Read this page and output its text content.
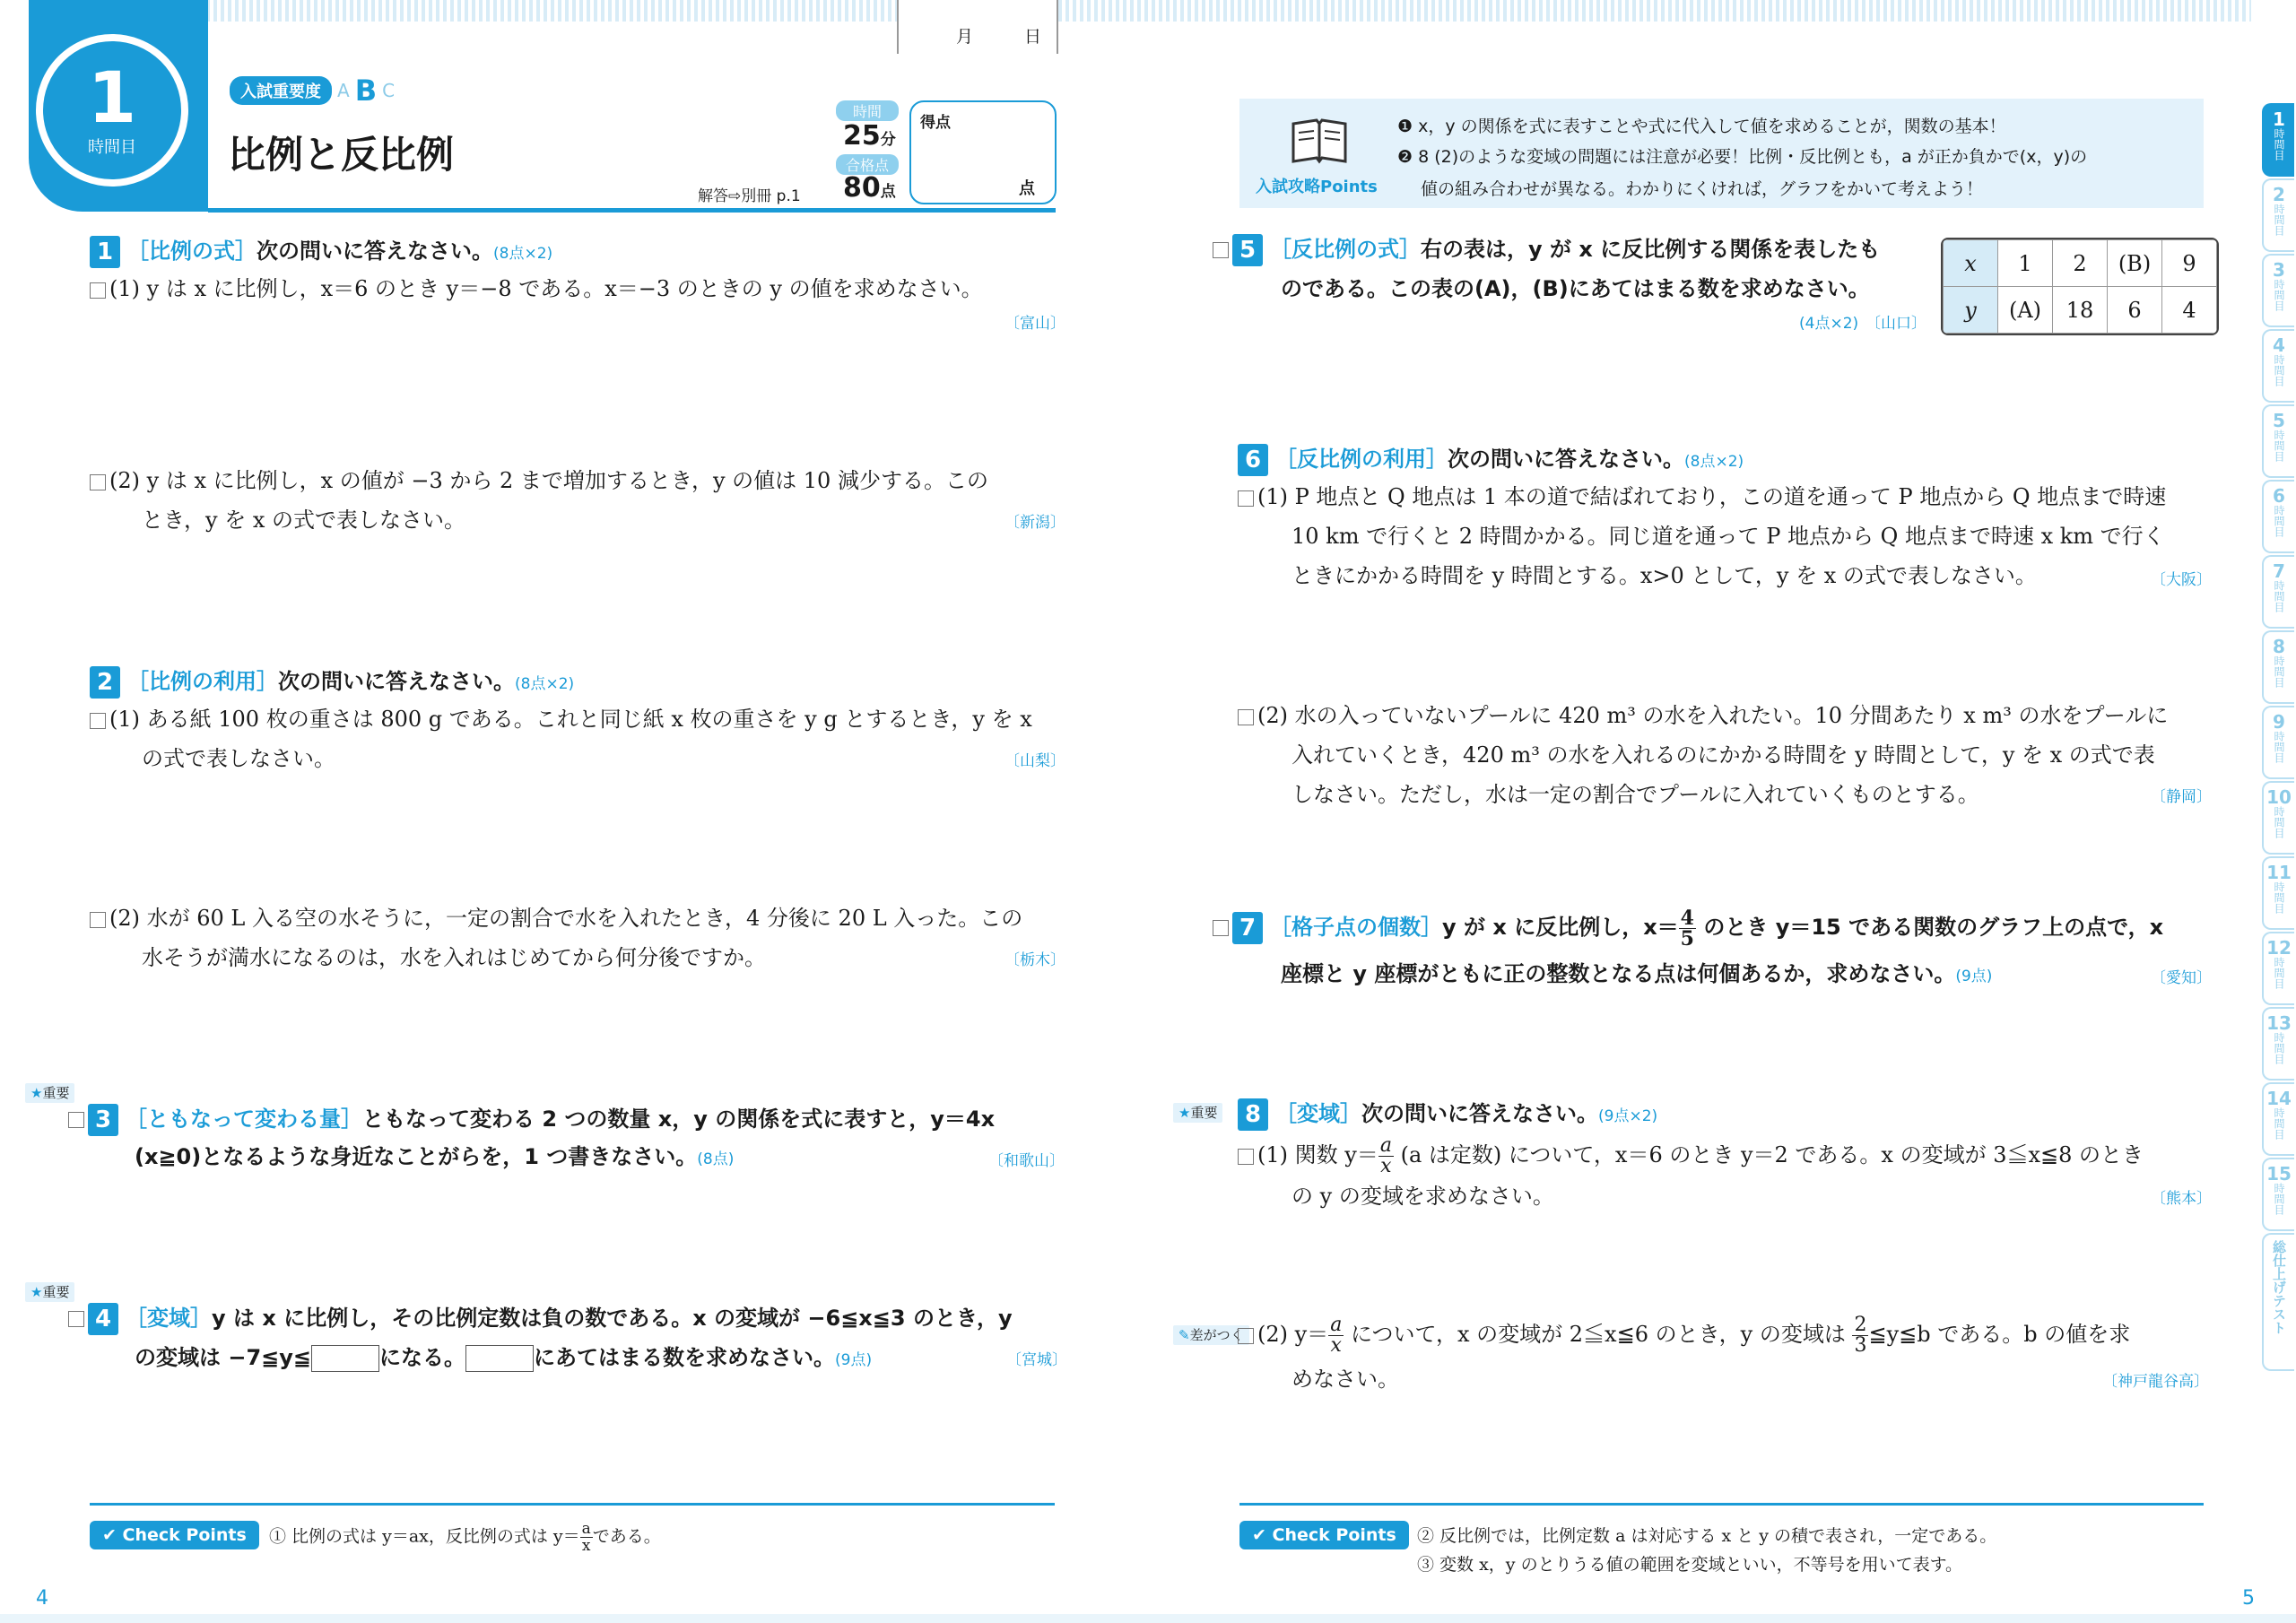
1
時間目
入試重要度 A B C
比例と反比例
月	日
時間
25分
合格点
80点
解答⇨別冊 p.1
得点
点	入試攻略Points
❶ x，y の関係を式に表すことや式に代入して値を求めることが，関数の基本！
❷ 8 (2)のような変域の問題には注意が必要！比例・反比例とも，a が正か負かで(x，y)の
値の組み合わせが異なる。わかりにくければ，グラフをかいて考えよう！
1 ［比例の式］次の問いに答えなさい。(8点×2)
(1) y は x に比例し，x＝6 のとき y＝−8 である。x＝−3 のときの y の値を求めなさい。
〔富山〕
(2) y は x に比例し，x の値が −3 から 2 まで増加するとき，y の値は 10 減少する。この
とき，y を x の式で表しなさい。	〔新潟〕
2 ［比例の利用］次の問いに答えなさい。(8点×2)
(1) ある紙 100 枚の重さは 800 g である。これと同じ紙 x 枚の重さを y g とするとき，y を x
の式で表しなさい。	〔山梨〕
(2) 水が 60 L 入る空の水そうに，一定の割合で水を入れたとき，4 分後に 20 L 入った。この
水そうが満水になるのは，水を入れはじめてから何分後ですか。	〔栃木〕
★重要
3 ［ともなって変わる量］ともなって変わる 2 つの数量 x，y の関係を式に表すと，y＝4x
(x≧0)となるような身近なことがらを，1 つ書きなさい。(8点)	〔和歌山〕
★重要
4 ［変域］y は x に比例し，その比例定数は負の数である。x の変域が −6≦x≦3 のとき，y
の変域は −7≦y≦	になる。	にあてはまる数を求めなさい。(9点)	〔宮城〕
✔ Check Points	① 比例の式は y＝ax，反比例の式は $y= \frac{a}{x}$ である。
5 ［反比例の式］右の表は，y が x に反比例する関係を表したも
のである。この表の(A)，(B)にあてはまる数を求めなさい。
(4点×2) 〔山口〕
x	1	2	(B)	9
y	(A)	18	6	4
6 ［反比例の利用］次の問いに答えなさい。(8点×2)
(1) P 地点と Q 地点は 1 本の道で結ばれており，この道を通って P 地点から Q 地点まで時速
10 km で行くと 2 時間かかる。同じ道を通って P 地点から Q 地点まで時速 x km で行く
ときにかかる時間を y 時間とする。x>0 として，y を x の式で表しなさい。	〔大阪〕
(2) 水の入っていないプールに 420 m³ の水を入れたい。10 分間あたり x m³ の水をプールに
入れていくとき，420 m³ の水を入れるのにかかる時間を y 時間として，y を x の式で表
しなさい。ただし，水は一定の割合でプールに入れていくものとする。	〔静岡〕
7 ［格子点の個数］y が x に反比例し，$x= \frac{4}{5}$ のとき y＝15 である関数のグラフ上の点で，x
座標と y 座標がともに正の整数となる点は何個あるか，求めなさい。(9点)	〔愛知〕
★重要	8 ［変域］次の問いに答えなさい。(9点×2)
(1) 関数 $y= \frac{a}{x} (a$ は定数) について，x＝6 のとき y＝2 である。x の変域が 3≦x≦8 のとき
の y の変域を求めなさい。	〔熊本〕
✎差がつく (2) $y= \frac{a}{x}$ について，x の変域が 2≦x≦6 のとき，y の変域は $\frac{2}{3}$ ≦y≦b である。b の値を求
めなさい。	〔神戸龍谷高〕
✔ Check Points	② 反比例では，比例定数 a は対応する x と y の積で表され，一定である。
③ 変数 x，y のとりうる値の範囲を変域といい，不等号を用いて表す。
4	5
1
時間目
2
時間目
3
時間目
4
時間目
5
時間目
6
時間目
7
時間目
8
時間目
9
時間目
10
時間目
11
時間目
12
時間目
13
時間目
14
時間目
15
時間目
総仕上げテスト
